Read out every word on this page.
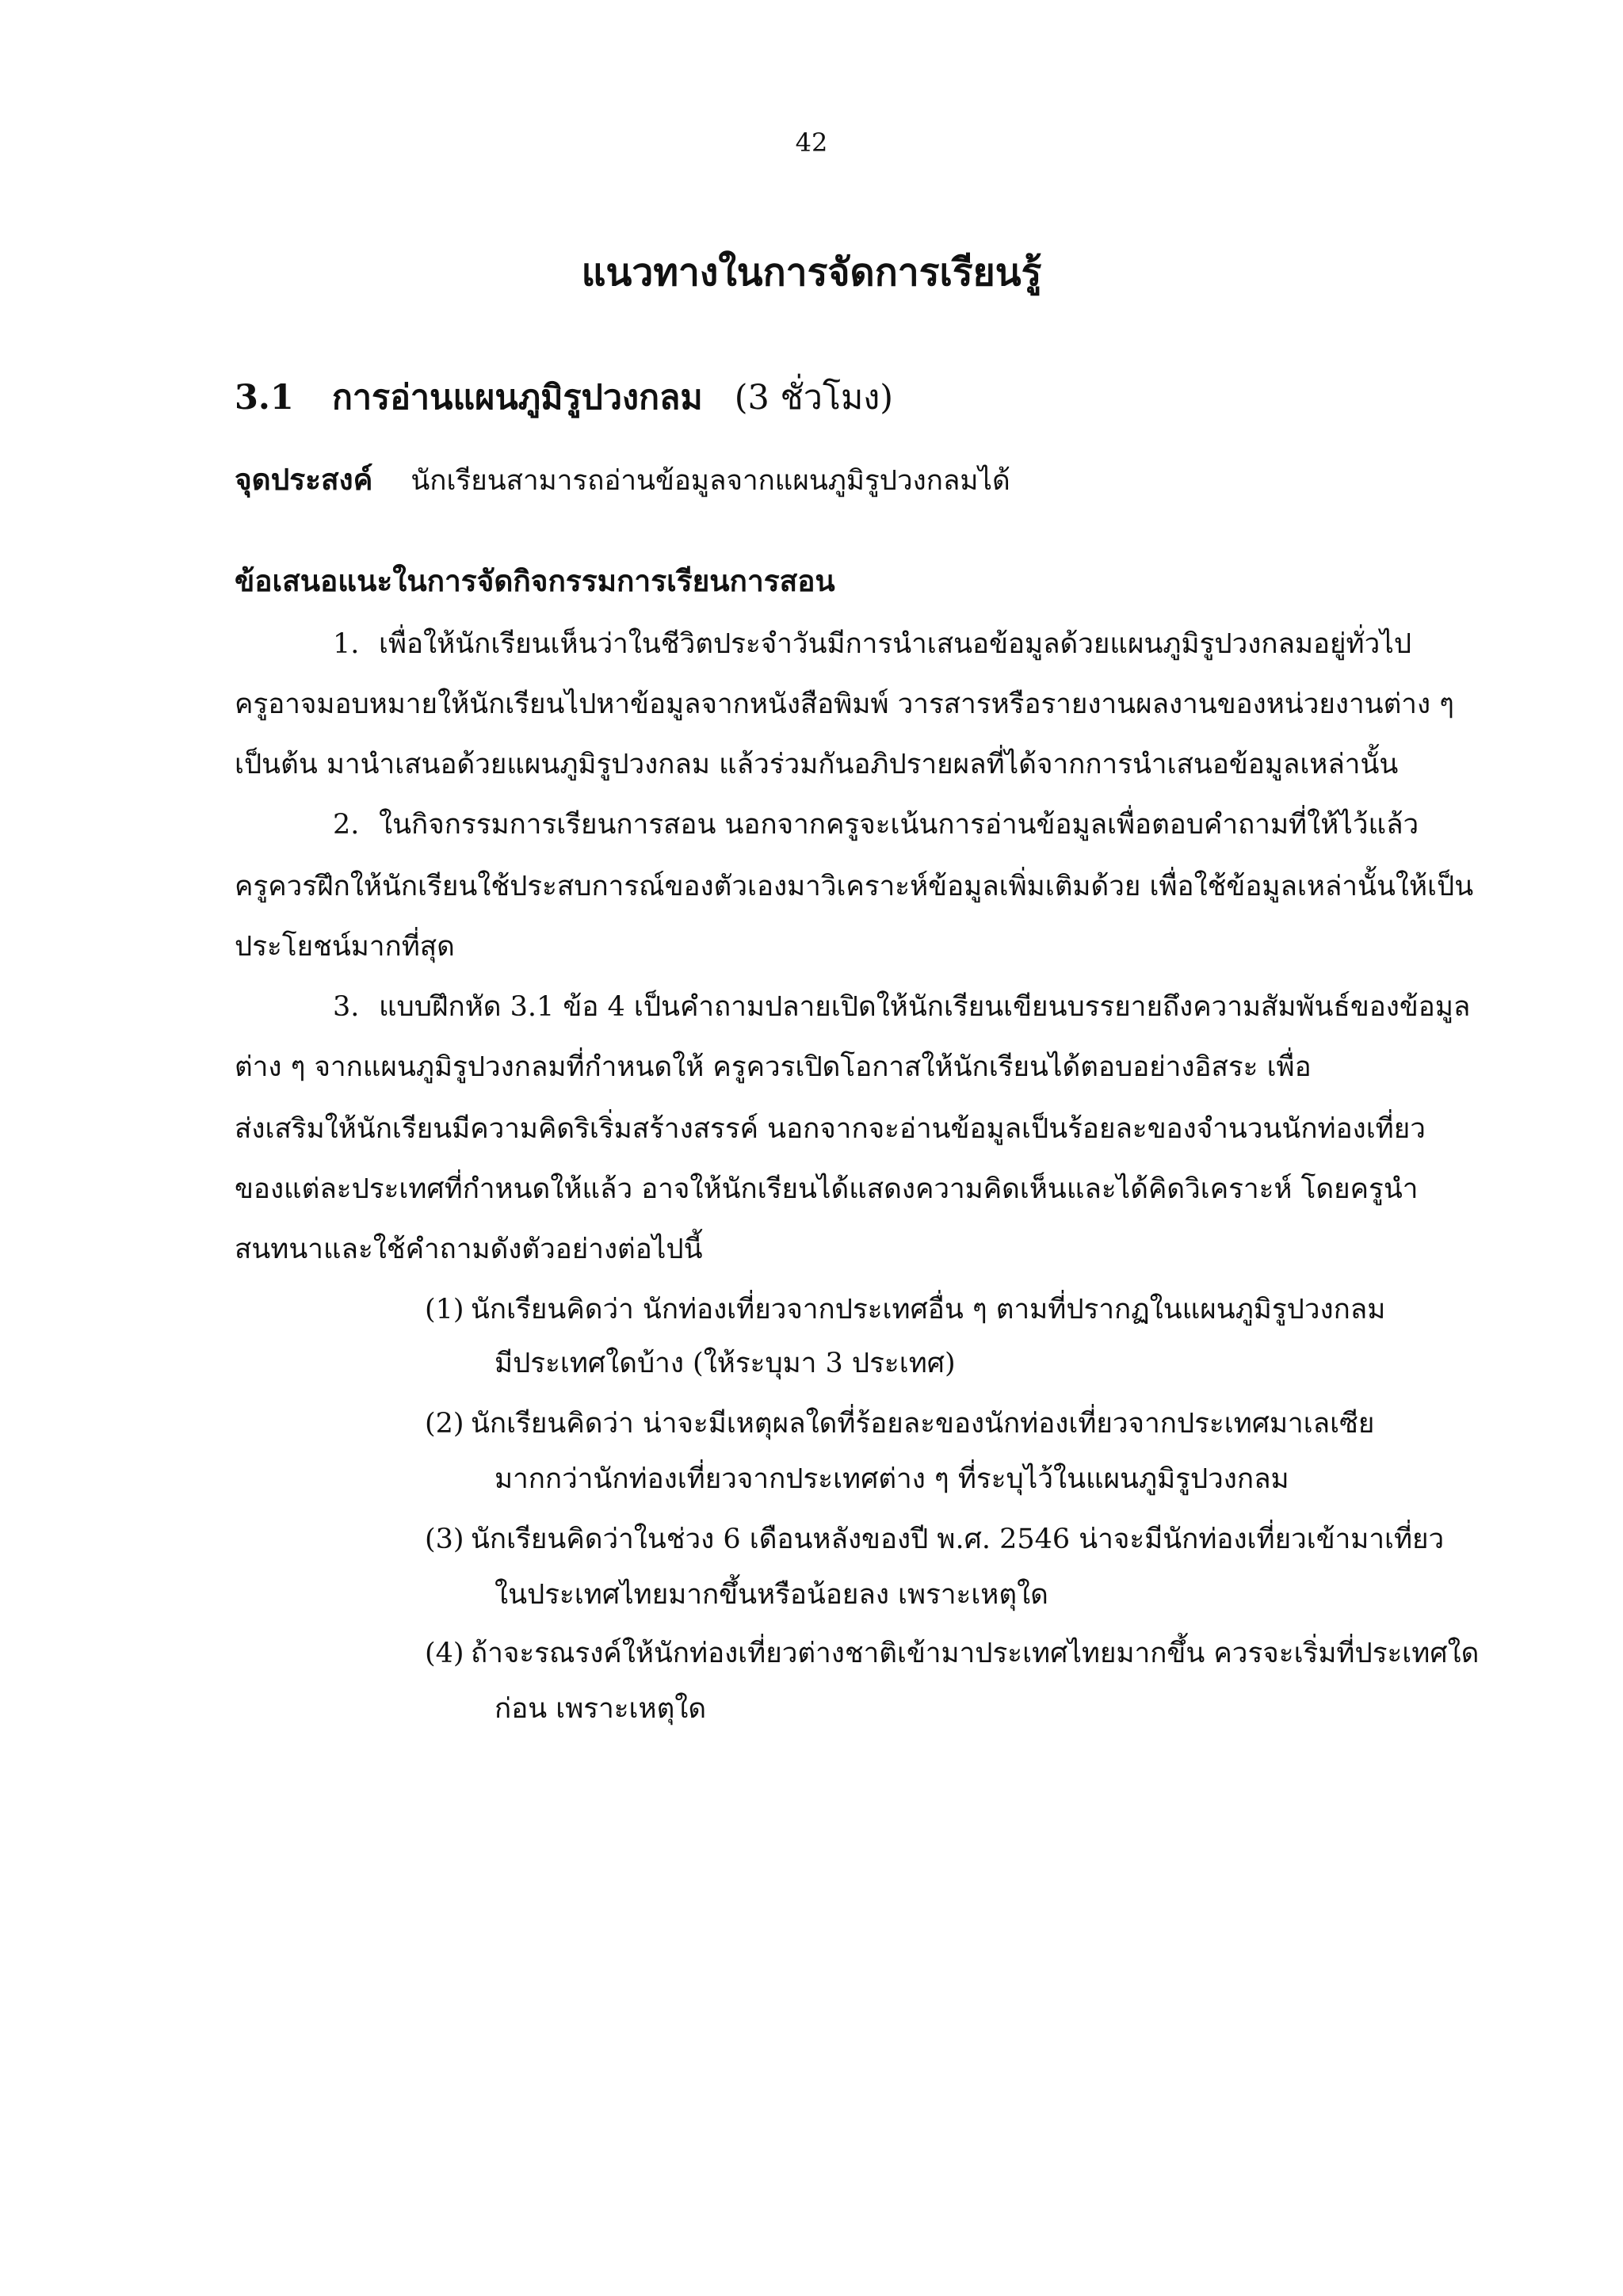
42
แนวทางในการจัดการเรียนรู้
3.1 การอ่านแผนภูมิรูปวงกลม (3 ชั่วโมง)
จุดประสงค์ นักเรียนสามารถอ่านข้อมูลจากแผนภูมิรูปวงกลมได้
ข้อเสนอแนะในการจัดกิจกรรมการเรียนการสอน
1. เพื่อให้นักเรียนเห็นว่าในชีวิตประจำวันมีการนำเสนอข้อมูลด้วยแผนภูมิรูปวงกลมอยู่ทั่วไป
ครูอาจมอบหมายให้นักเรียนไปหาข้อมูลจากหนังสือพิมพ์ วารสารหรือรายงานผลงานของหน่วยงานต่าง ๆ
เป็นต้น มานำเสนอด้วยแผนภูมิรูปวงกลม แล้วร่วมกันอภิปรายผลที่ได้จากการนำเสนอข้อมูลเหล่านั้น
2. ในกิจกรรมการเรียนการสอน นอกจากครูจะเน้นการอ่านข้อมูลเพื่อตอบคำถามที่ให้ไว้แล้ว
ครูควรฝึกให้นักเรียนใช้ประสบการณ์ของตัวเองมาวิเคราะห์ข้อมูลเพิ่มเติมด้วย เพื่อใช้ข้อมูลเหล่านั้นให้เป็น
ประโยชน์มากที่สุด
3. แบบฝึกหัด 3.1 ข้อ 4 เป็นคำถามปลายเปิดให้นักเรียนเขียนบรรยายถึงความสัมพันธ์ของข้อมูล
ต่าง ๆ จากแผนภูมิรูปวงกลมที่กำหนดให้ ครูควรเปิดโอกาสให้นักเรียนได้ตอบอย่างอิสระ เพื่อ
ส่งเสริมให้นักเรียนมีความคิดริเริ่มสร้างสรรค์ นอกจากจะอ่านข้อมูลเป็นร้อยละของจำนวนนักท่องเที่ยว
ของแต่ละประเทศที่กำหนดให้แล้ว อาจให้นักเรียนได้แสดงความคิดเห็นและได้คิดวิเคราะห์ โดยครูนำ
สนทนาและใช้คำถามดังตัวอย่างต่อไปนี้
(1) นักเรียนคิดว่า นักท่องเที่ยวจากประเทศอื่น ๆ ตามที่ปรากฏในแผนภูมิรูปวงกลม
มีประเทศใดบ้าง (ให้ระบุมา 3 ประเทศ)
(2) นักเรียนคิดว่า น่าจะมีเหตุผลใดที่ร้อยละของนักท่องเที่ยวจากประเทศมาเลเซีย
มากกว่านักท่องเที่ยวจากประเทศต่าง ๆ ที่ระบุไว้ในแผนภูมิรูปวงกลม
(3) นักเรียนคิดว่าในช่วง 6 เดือนหลังของปี พ.ศ. 2546 น่าจะมีนักท่องเที่ยวเข้ามาเที่ยว
ในประเทศไทยมากขึ้นหรือน้อยลง เพราะเหตุใด
(4) ถ้าจะรณรงค์ให้นักท่องเที่ยวต่างชาติเข้ามาประเทศไทยมากขึ้น ควรจะเริ่มที่ประเทศใด
ก่อน เพราะเหตุใด
